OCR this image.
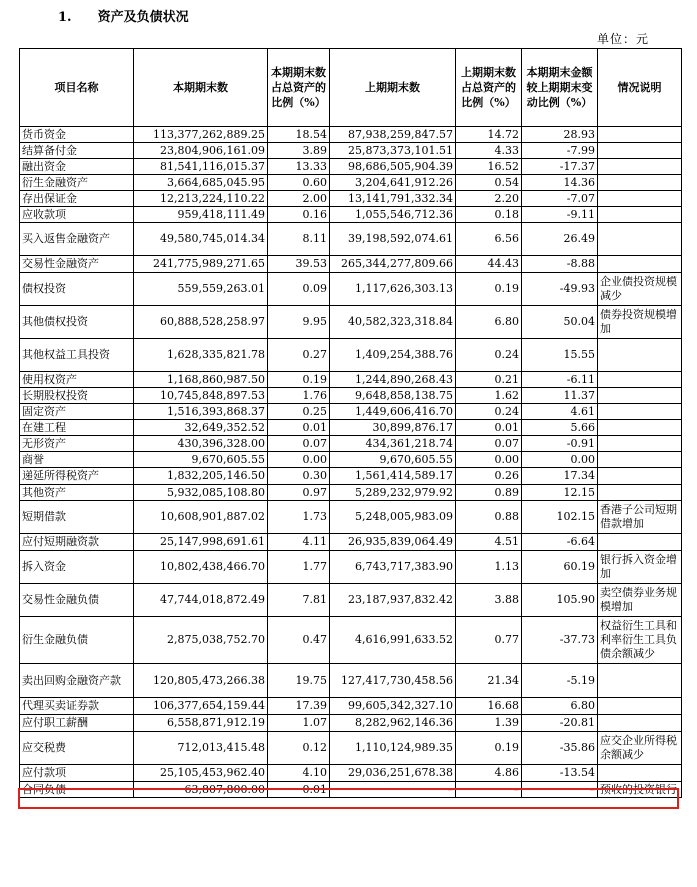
1.　　资产及负债状况
单位：元
项目名称	本期期末数	本期期末数占总资产的比例（%）	上期期末数	上期期末数占总资产的比例（%）	本期期末金额较上期期末变动比例（%）	情况说明
货币资金	113,377,262,889.25	18.54	87,938,259,847.57	14.72	28.93	
结算备付金	23,804,906,161.09	3.89	25,873,373,101.51	4.33	-7.99	
融出资金	81,541,116,015.37	13.33	98,686,505,904.39	16.52	-17.37	
衍生金融资产	3,664,685,045.95	0.60	3,204,641,912.26	0.54	14.36	
存出保证金	12,213,224,110.22	2.00	13,141,791,332.34	2.20	-7.07	
应收款项	959,418,111.49	0.16	1,055,546,712.36	0.18	-9.11	
买入返售金融资产	49,580,745,014.34	8.11	39,198,592,074.61	6.56	26.49	
交易性金融资产	241,775,989,271.65	39.53	265,344,277,809.66	44.43	-8.88	
债权投资	559,559,263.01	0.09	1,117,626,303.13	0.19	-49.93	企业债投资规模减少
其他债权投资	60,888,528,258.97	9.95	40,582,323,318.84	6.80	50.04	债券投资规模增加
其他权益工具投资	1,628,335,821.78	0.27	1,409,254,388.76	0.24	15.55	
使用权资产	1,168,860,987.50	0.19	1,244,890,268.43	0.21	-6.11	
长期股权投资	10,745,848,897.53	1.76	9,648,858,138.75	1.62	11.37	
固定资产	1,516,393,868.37	0.25	1,449,606,416.70	0.24	4.61	
在建工程	32,649,352.52	0.01	30,899,876.17	0.01	5.66	
无形资产	430,396,328.00	0.07	434,361,218.74	0.07	-0.91	
商誉	9,670,605.55	0.00	9,670,605.55	0.00	0.00	
递延所得税资产	1,832,205,146.50	0.30	1,561,414,589.17	0.26	17.34	
其他资产	5,932,085,108.80	0.97	5,289,232,979.92	0.89	12.15	
短期借款	10,608,901,887.02	1.73	5,248,005,983.09	0.88	102.15	香港子公司短期借款增加
应付短期融资款	25,147,998,691.61	4.11	26,935,839,064.49	4.51	-6.64	
拆入资金	10,802,438,466.70	1.77	6,743,717,383.90	1.13	60.19	银行拆入资金增加
交易性金融负债	47,744,018,872.49	7.81	23,187,937,832.42	3.88	105.90	卖空债券业务规模增加
衍生金融负债	2,875,038,752.70	0.47	4,616,991,633.52	0.77	-37.73	权益衍生工具和利率衍生工具负债余额减少
卖出回购金融资产款	120,805,473,266.38	19.75	127,417,730,458.56	21.34	-5.19	
代理买卖证券款	106,377,654,159.44	17.39	99,605,342,327.10	16.68	6.80	
应付职工薪酬	6,558,871,912.19	1.07	8,282,962,146.36	1.39	-20.81	
应交税费	712,013,415.48	0.12	1,110,124,989.35	0.19	-35.86	应交企业所得税余额减少
应付款项	25,105,453,962.40	4.10	29,036,251,678.38	4.86	-13.54	
合同负债	63,807,800.00	0.01	–	–	–	预收的投资银行
